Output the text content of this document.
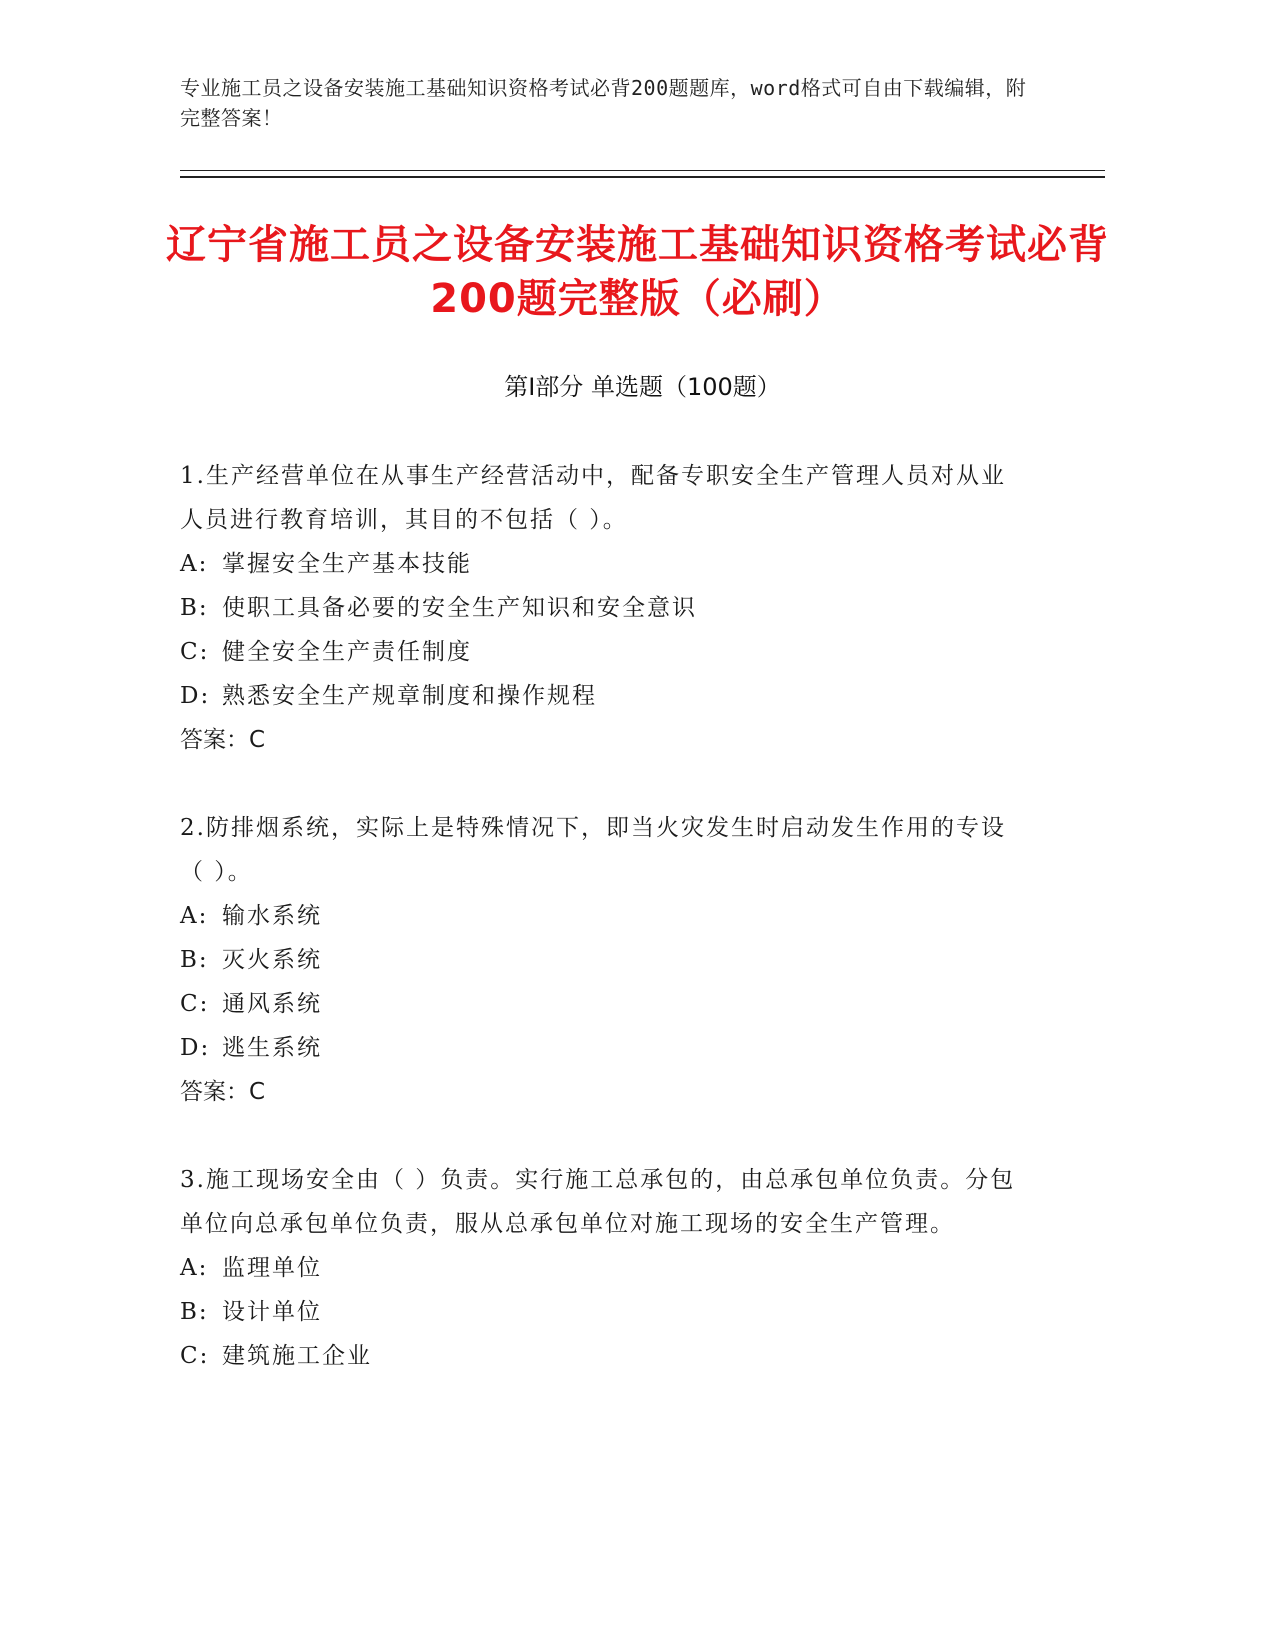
专业施工员之设备安装施工基础知识资格考试必背200题题库，word格式可自由下载编辑，附完整答案！
辽宁省施工员之设备安装施工基础知识资格考试必背200题完整版（必刷）
第Ⅰ部分 单选题（100题）
1.生产经营单位在从事生产经营活动中，配备专职安全生产管理人员对从业人员进行教育培训，其目的不包括（ ）。
A: 掌握安全生产基本技能
B: 使职工具备必要的安全生产知识和安全意识
C: 健全安全生产责任制度
D: 熟悉安全生产规章制度和操作规程
答案：C
2.防排烟系统，实际上是特殊情况下，即当火灾发生时启动发生作用的专设（ ）。
A: 输水系统
B: 灭火系统
C: 通风系统
D: 逃生系统
答案：C
3.施工现场安全由（ ）负责。实行施工总承包的，由总承包单位负责。分包单位向总承包单位负责，服从总承包单位对施工现场的安全生产管理。
A: 监理单位
B: 设计单位
C: 建筑施工企业
